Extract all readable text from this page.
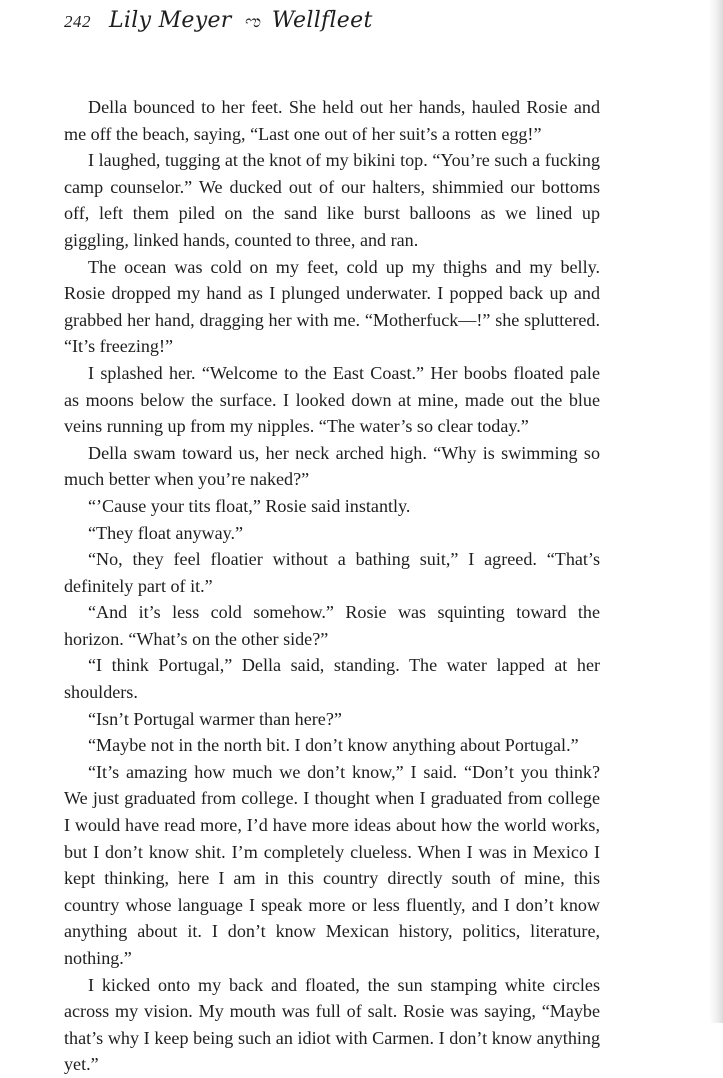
242 Lily Meyer ಌ Wellfleet

Della bounced to her feet. She held out her hands, hauled Rosie and me off the beach, saying, “Last one out of her suit’s a rotten egg!”

I laughed, tugging at the knot of my bikini top. “You’re such a fucking camp counselor.” We ducked out of our halters, shimmied our bottoms off, left them piled on the sand like burst balloons as we lined up giggling, linked hands, counted to three, and ran.

The ocean was cold on my feet, cold up my thighs and my belly. Rosie dropped my hand as I plunged underwater. I popped back up and grabbed her hand, dragging her with me. “Motherfuck—!” she spluttered. “It’s freezing!”

I splashed her. “Welcome to the East Coast.” Her boobs floated pale as moons below the surface. I looked down at mine, made out the blue veins running up from my nipples. “The water’s so clear today.”

Della swam toward us, her neck arched high. “Why is swimming so much better when you’re naked?”

“’Cause your tits float,” Rosie said instantly.

“They float anyway.”

“No, they feel floatier without a bathing suit,” I agreed. “That’s definitely part of it.”

“And it’s less cold somehow.” Rosie was squinting toward the horizon. “What’s on the other side?”

“I think Portugal,” Della said, standing. The water lapped at her shoulders.

“Isn’t Portugal warmer than here?”

“Maybe not in the north bit. I don’t know anything about Portugal.”

“It’s amazing how much we don’t know,” I said. “Don’t you think? We just graduated from college. I thought when I graduated from college I would have read more, I’d have more ideas about how the world works, but I don’t know shit. I’m completely clueless. When I was in Mexico I kept thinking, here I am in this country directly south of mine, this country whose language I speak more or less fluently, and I don’t know anything about it. I don’t know Mexican history, politics, literature, nothing.”

I kicked onto my back and floated, the sun stamping white circles across my vision. My mouth was full of salt. Rosie was saying, “Maybe that’s why I keep being such an idiot with Carmen. I don’t know anything yet.”
